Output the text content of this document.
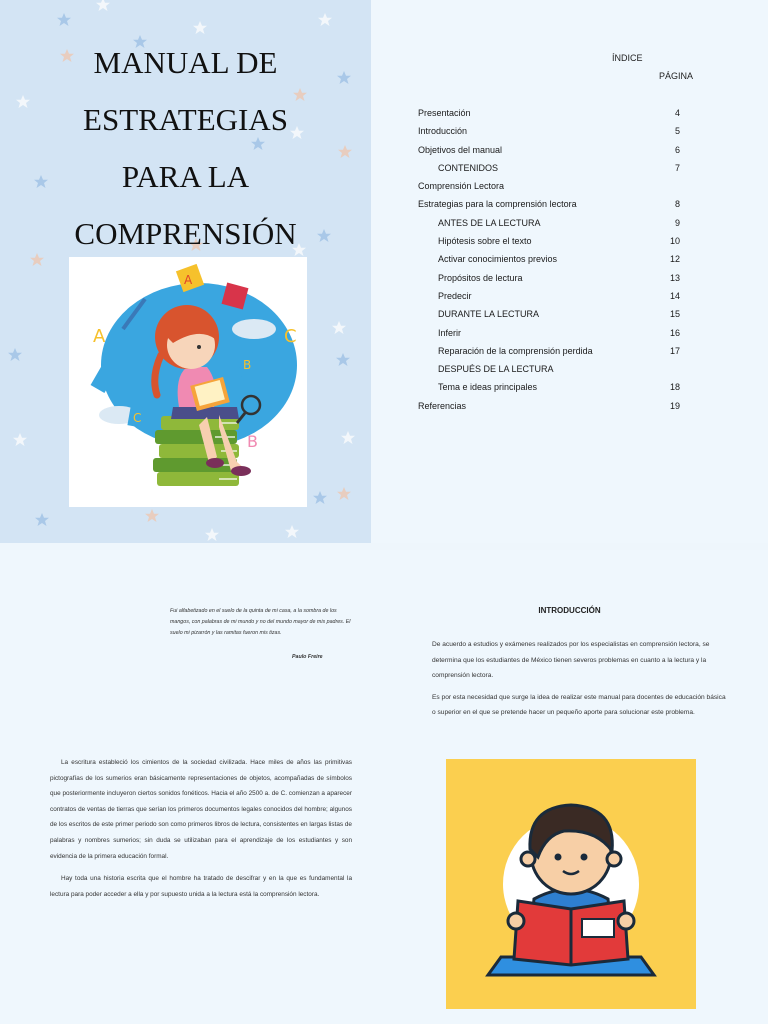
MANUAL DE
ESTRATEGIAS
PARA LA
COMPRENSIÓN
A
B
C
C
A
B
ÍNDICE
PÁGINA
Presentación	4
Introducción	5
Objetivos del manual	6
CONTENIDOS	7
Comprensión Lectora
Estrategias para la comprensión lectora	8
ANTES DE LA LECTURA	9
Hipótesis sobre el texto	10
Activar conocimientos previos	12
Propósitos de lectura	13
Predecir	14
DURANTE LA LECTURA	15
Inferir	16
Reparación de la comprensión perdida	17
DESPUÉS DE LA LECTURA
Tema e ideas principales	18
Referencias	19
Fui alfabetizado en el suelo de la quinta de mi casa, a la sombra de los mangos, con palabras de mi mundo y no del mundo mayor de mis padres. El suelo mi pizarrón y las ramitas fueron mis tizas.
Paulo Freire

La escritura estableció los cimientos de la sociedad civilizada. Hace miles de años las primitivas pictografías de los sumerios eran básicamente representaciones de objetos, acompañadas de símbolos que posteriormente incluyeron ciertos sonidos fonéticos. Hacia el año 2500 a. de C. comienzan a aparecer contratos de ventas de tierras que serían los primeros documentos legales conocidos del hombre; algunos de los escritos de este primer periodo son como primeros libros de lectura, consistentes en largas listas de palabras y nombres sumerios; sin duda se utilizaban para el aprendizaje de los estudiantes y son evidencia de la primera educación formal.

Hay toda una historia escrita que el hombre ha tratado de descifrar y en la que es fundamental la lectura para poder acceder a ella y por supuesto unida a la lectura está la comprensión lectora.

INTRODUCCIÓN

De acuerdo a estudios y exámenes realizados por los especialistas en comprensión lectora, se determina que los estudiantes de México tienen severos problemas en cuanto a la lectura y la comprensión lectora.

Es por esta necesidad que surge la idea de realizar este manual para docentes de educación básica o superior en el que se pretende hacer un pequeño aporte para solucionar este problema.
